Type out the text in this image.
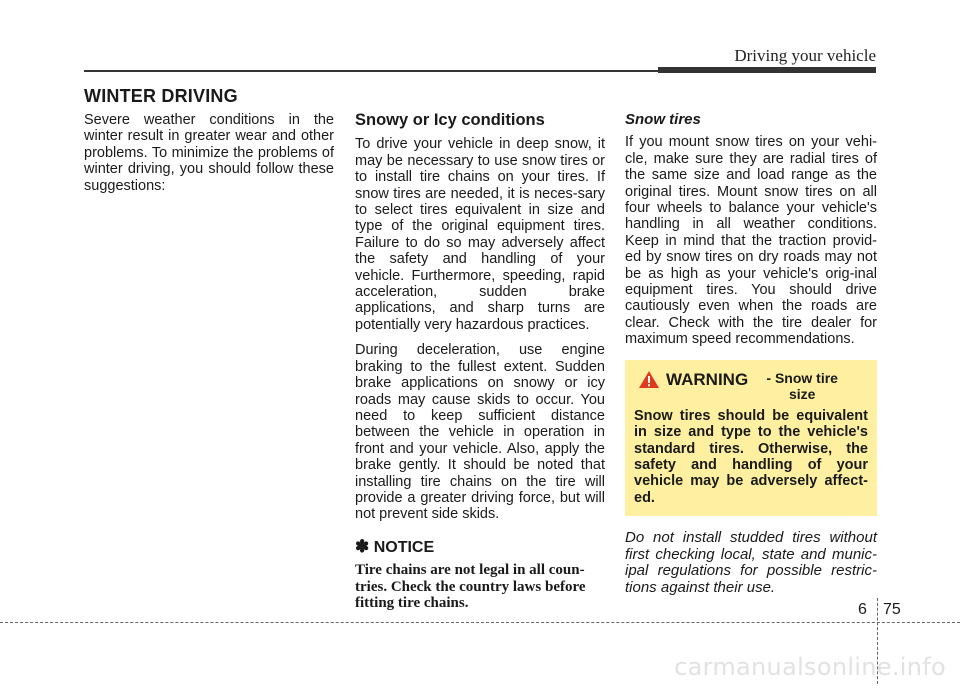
Driving your vehicle
WINTER DRIVING

Severe weather conditions in the winter result in greater wear and other problems. To minimize the problems of winter driving, you should follow these suggestions:

Snowy or Icy conditions

To drive your vehicle in deep snow, it may be necessary to use snow tires or to install tire chains on your tires. If snow tires are needed, it is neces-sary to select tires equivalent in size and type of the original equipment tires. Failure to do so may adversely affect the safety and handling of your vehicle. Furthermore, speeding, rapid acceleration, sudden brake applications, and sharp turns are potentially very hazardous practices.

During deceleration, use engine braking to the fullest extent. Sudden brake applications on snowy or icy roads may cause skids to occur. You need to keep sufficient distance between the vehicle in operation in front and your vehicle. Also, apply the brake gently. It should be noted that installing tire chains on the tire will provide a greater driving force, but will not prevent side skids.

✽ NOTICE
Tire chains are not legal in all coun-tries. Check the country laws before fitting tire chains.
Snow tires

If you mount snow tires on your vehi-cle, make sure they are radial tires of the same size and load range as the original tires. Mount snow tires on all four wheels to balance your vehicle's handling in all weather conditions. Keep in mind that the traction provid-ed by snow tires on dry roads may not be as high as your vehicle's orig-inal equipment tires. You should drive cautiously even when the roads are clear. Check with the tire dealer for maximum speed recommendations.

WARNING	- Snow tire size
Snow tires should be equivalent in size and type to the vehicle's standard tires. Otherwise, the safety and handling of your vehicle may be adversely affect-ed.
Do not install studded tires without first checking local, state and munic-ipal regulations for possible restric-tions against their use.
6 75
carmanualsonline.info
